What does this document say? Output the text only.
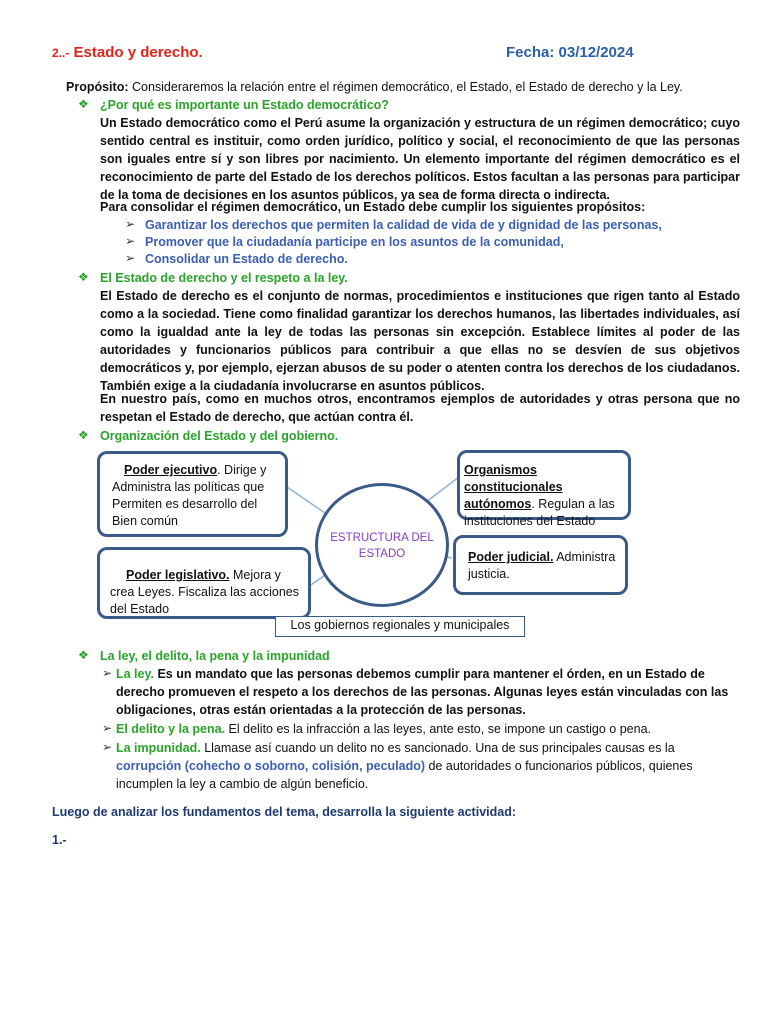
2..- Estado y derecho.	Fecha: 03/12/2024
Propósito: Consideraremos la relación entre el régimen democrático, el Estado, el Estado de derecho y la Ley.
❖ ¿Por qué es importante un Estado democrático?
Un Estado democrático como el Perú asume la organización y estructura de un régimen democrático; cuyo sentido central es instituir, como orden jurídico, político y social, el reconocimiento de que las personas son iguales entre sí y son libres por nacimiento. Un elemento importante del régimen democrático es el reconocimiento de parte del Estado de los derechos políticos. Estos facultan a las personas para participar de la toma de decisiones en los asuntos públicos, ya sea de forma directa o indirecta.
Para consolidar el régimen democrático, un Estado debe cumplir los siguientes propósitos:
➢ Garantizar los derechos que permiten la calidad de vida de y dignidad de las personas,
➢ Promover que la ciudadanía participe en los asuntos de la comunidad,
➢ Consolidar un Estado de derecho.
❖ El Estado de derecho y el respeto a la ley.
El Estado de derecho es el conjunto de normas, procedimientos e instituciones que rigen tanto al Estado como a la sociedad. Tiene como finalidad garantizar los derechos humanos, las libertades individuales, así como la igualdad ante la ley de todas las personas sin excepción. Establece límites al poder de las autoridades y funcionarios públicos para contribuir a que ellas no se desvíen de sus objetivos democráticos y, por ejemplo, ejerzan abusos de su poder o atenten contra los derechos de los ciudadanos. También exige a la ciudadanía involucrarse en asuntos públicos.
En nuestro país, como en muchos otros, encontramos ejemplos de autoridades y otras persona que no respetan el Estado de derecho, que actúan contra él.
❖ Organización del Estado y del gobierno.
Poder ejecutivo. Dirige y Administra las políticas que Permiten es desarrollo del Bien común
Poder legislativo. Mejora y crea Leyes. Fiscaliza las acciones del Estado
Organismos constitucionales autónomos. Regulan a las instituciones del Estado
Poder judicial. Administra justicia.
ESTRUCTURA DEL ESTADO
Los gobiernos regionales y municipales
❖ La ley, el delito, la pena y la impunidad
➢ La ley. Es un mandato que las personas debemos cumplir para mantener el órden, en un Estado de derecho promueven el respeto a los derechos de las personas. Algunas leyes están vinculadas con las obligaciones, otras están orientadas a la protección de las personas.
➢ El delito y la pena. El delito es la infracción a las leyes, ante esto, se impone un castigo o pena.
➢ La impunidad. Llamase así cuando un delito no es sancionado. Una de sus principales causas es la corrupción (cohecho o soborno, colisión, peculado) de autoridades o funcionarios públicos, quienes incumplen la ley a cambio de algún beneficio.
Luego de analizar los fundamentos del tema, desarrolla la siguiente actividad:
1.-
